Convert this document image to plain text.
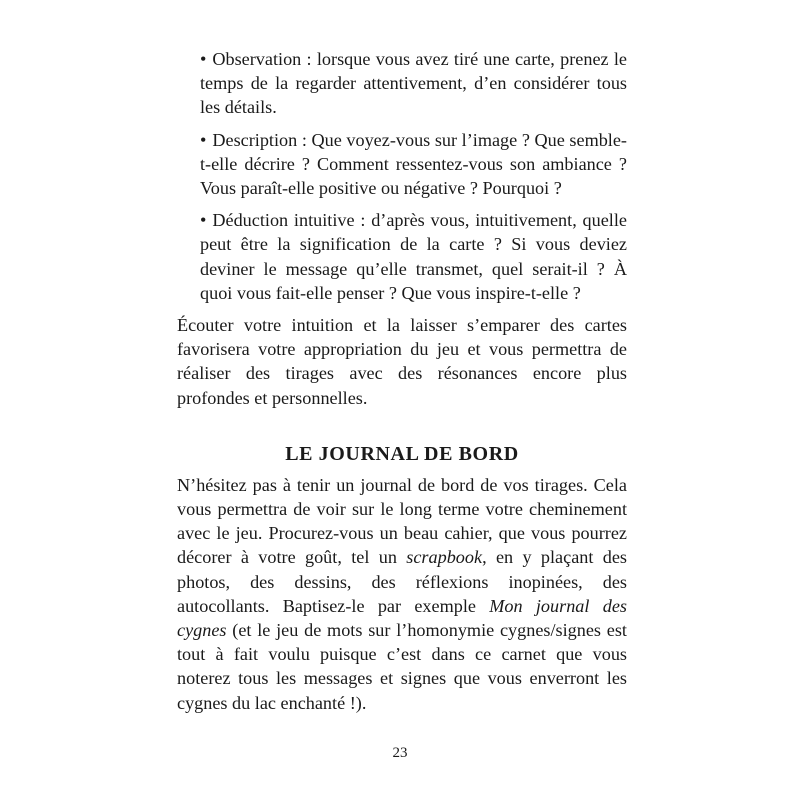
• Observation : lorsque vous avez tiré une carte, prenez le temps de la regarder attentivement, d’en considérer tous les détails.
• Description : Que voyez-vous sur l’image ? Que semble-t-elle décrire ? Comment ressentez-vous son ambiance ? Vous paraît-elle positive ou négative ? Pourquoi ?
• Déduction intuitive : d’après vous, intuitivement, quelle peut être la signification de la carte ? Si vous deviez deviner le message qu’elle transmet, quel serait-il ? À quoi vous fait-elle penser ? Que vous inspire-t-elle ?

Écouter votre intuition et la laisser s’emparer des cartes favorisera votre appropriation du jeu et vous permettra de réaliser des tirages avec des résonances encore plus profondes et personnelles.

LE JOURNAL DE BORD

N’hésitez pas à tenir un journal de bord de vos tirages. Cela vous permettra de voir sur le long terme votre cheminement avec le jeu. Procurez-vous un beau cahier, que vous pourrez décorer à votre goût, tel un scrapbook, en y plaçant des photos, des dessins, des réflexions inopinées, des autocollants. Baptisez-le par exemple Mon journal des cygnes (et le jeu de mots sur l’homonymie cygnes/signes est tout à fait voulu puisque c’est dans ce carnet que vous noterez tous les messages et signes que vous enverront les cygnes du lac enchanté !).

23
